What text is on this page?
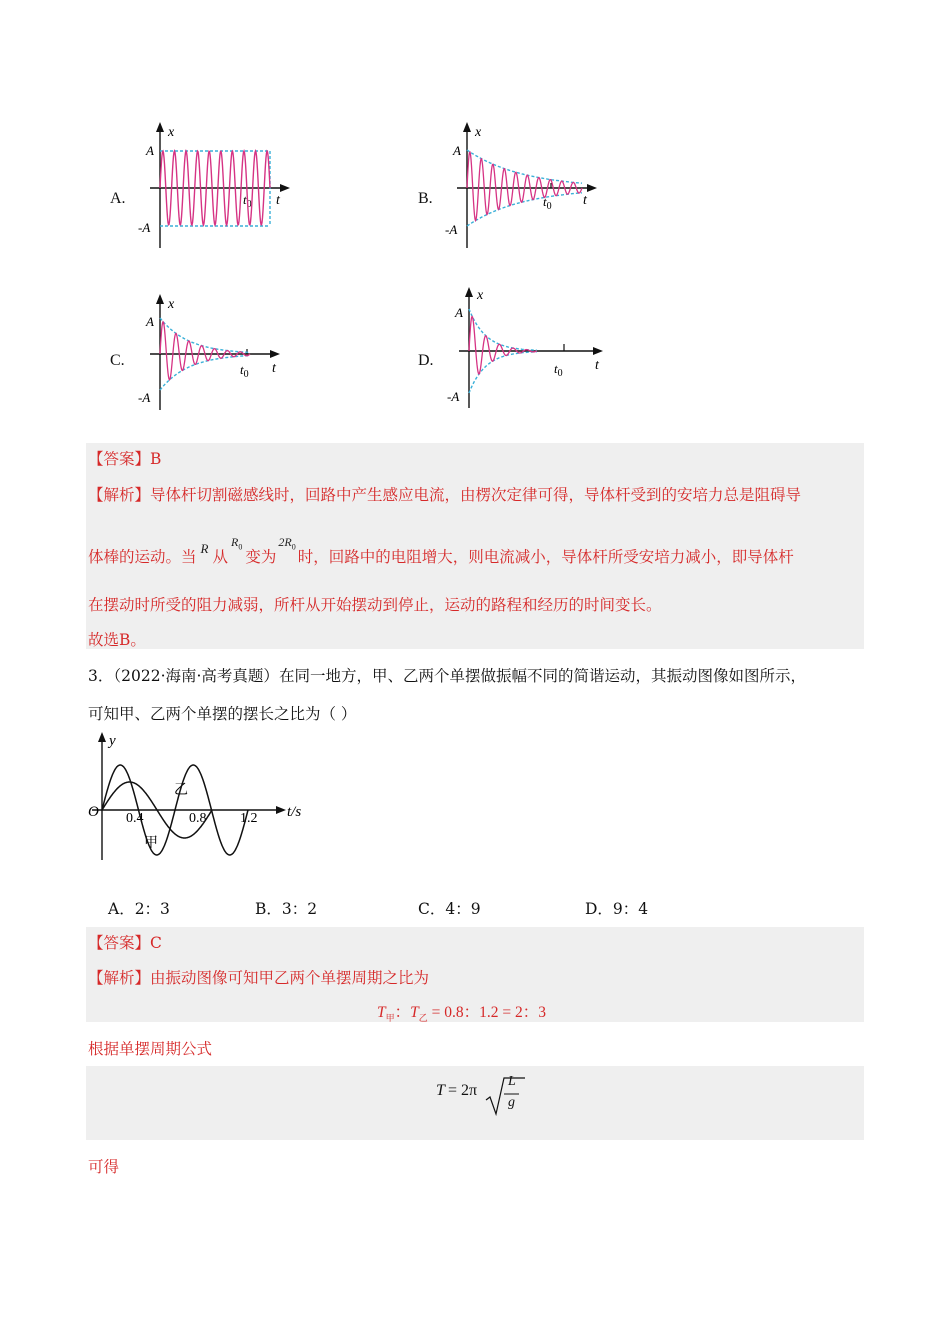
A.
x
t
A
-A
$t_0$	B.
x
t
A
-A
$t_0$
C.
x
t
A
-A
$t_0$
D.
x
t
A
-A
$t_0$
【答案】B
【解析】导体杆切割磁感线时，回路中产生感应电流，由楞次定律可得，导体杆受到的安培力总是阻碍导
体棒的运动。当 $^R$ 从$^{R_0}$变为$^{2R_0}$时，回路中的电阻增大，则电流减小，导体杆所受安培力减小，即导体杆
在摆动时所受的阻力减弱，所杆从开始摆动到停止，运动的路程和经历的时间变长。
故选B。
3．（2022·海南·高考真题）在同一地方，甲、乙两个单摆做振幅不同的简谐运动，其振动图像如图所示，
可知甲、乙两个单摆的摆长之比为（ ）
y
t/s
O 0.4	0.8 1.2
甲
乙
A．2：3	B．3：2	C．4：9	D．9：4
【答案】C
【解析】由振动图像可知甲乙两个单摆周期之比为
$T_甲$：$T_乙 = 0.8$：1.2 = 2：3
根据单摆周期公式
T = 2π
L
g
可得
